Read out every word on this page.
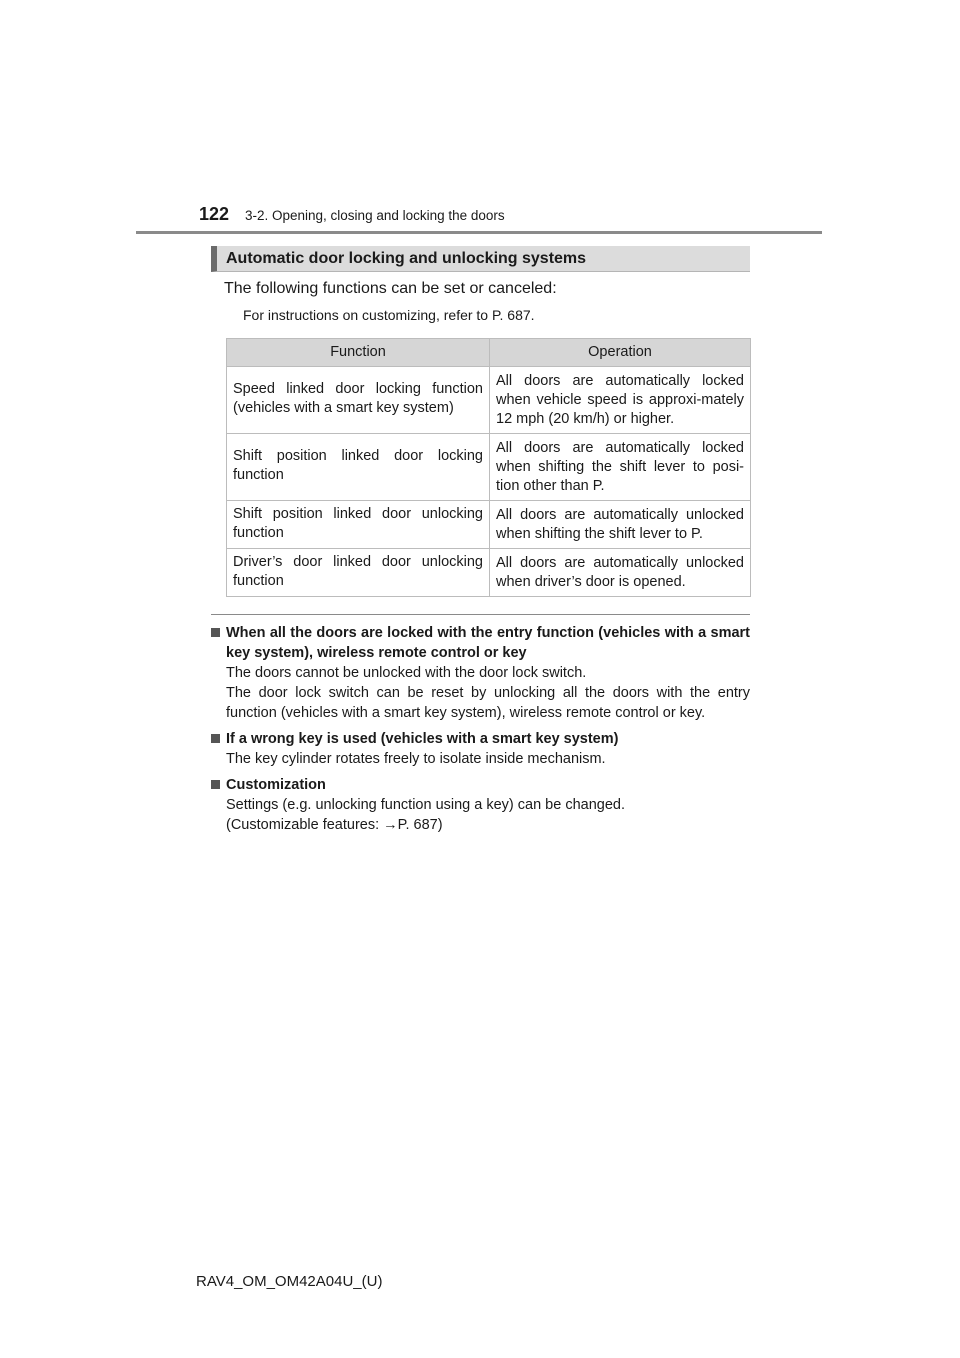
122 3-2. Opening, closing and locking the doors
Automatic door locking and unlocking systems
The following functions can be set or canceled:
For instructions on customizing, refer to P. 687.
Function	Operation
Speed linked door locking function (vehicles with a smart key system)	All doors are automatically locked when vehicle speed is approxi-mately 12 mph (20 km/h) or higher.
Shift position linked door locking function	All doors are automatically locked when shifting the shift lever to posi-tion other than P.
Shift position linked door unlocking function	All doors are automatically unlocked when shifting the shift lever to P.
Driver’s door linked door unlocking function	All doors are automatically unlocked when driver’s door is opened.
When all the doors are locked with the entry function (vehicles with a smart key system), wireless remote control or key

The doors cannot be unlocked with the door lock switch.

The door lock switch can be reset by unlocking all the doors with the entry function (vehicles with a smart key system), wireless remote control or key.

If a wrong key is used (vehicles with a smart key system)

The key cylinder rotates freely to isolate inside mechanism.

Customization

Settings (e.g. unlocking function using a key) can be changed.

(Customizable features: →P. 687)

RAV4_OM_OM42A04U_(U)
